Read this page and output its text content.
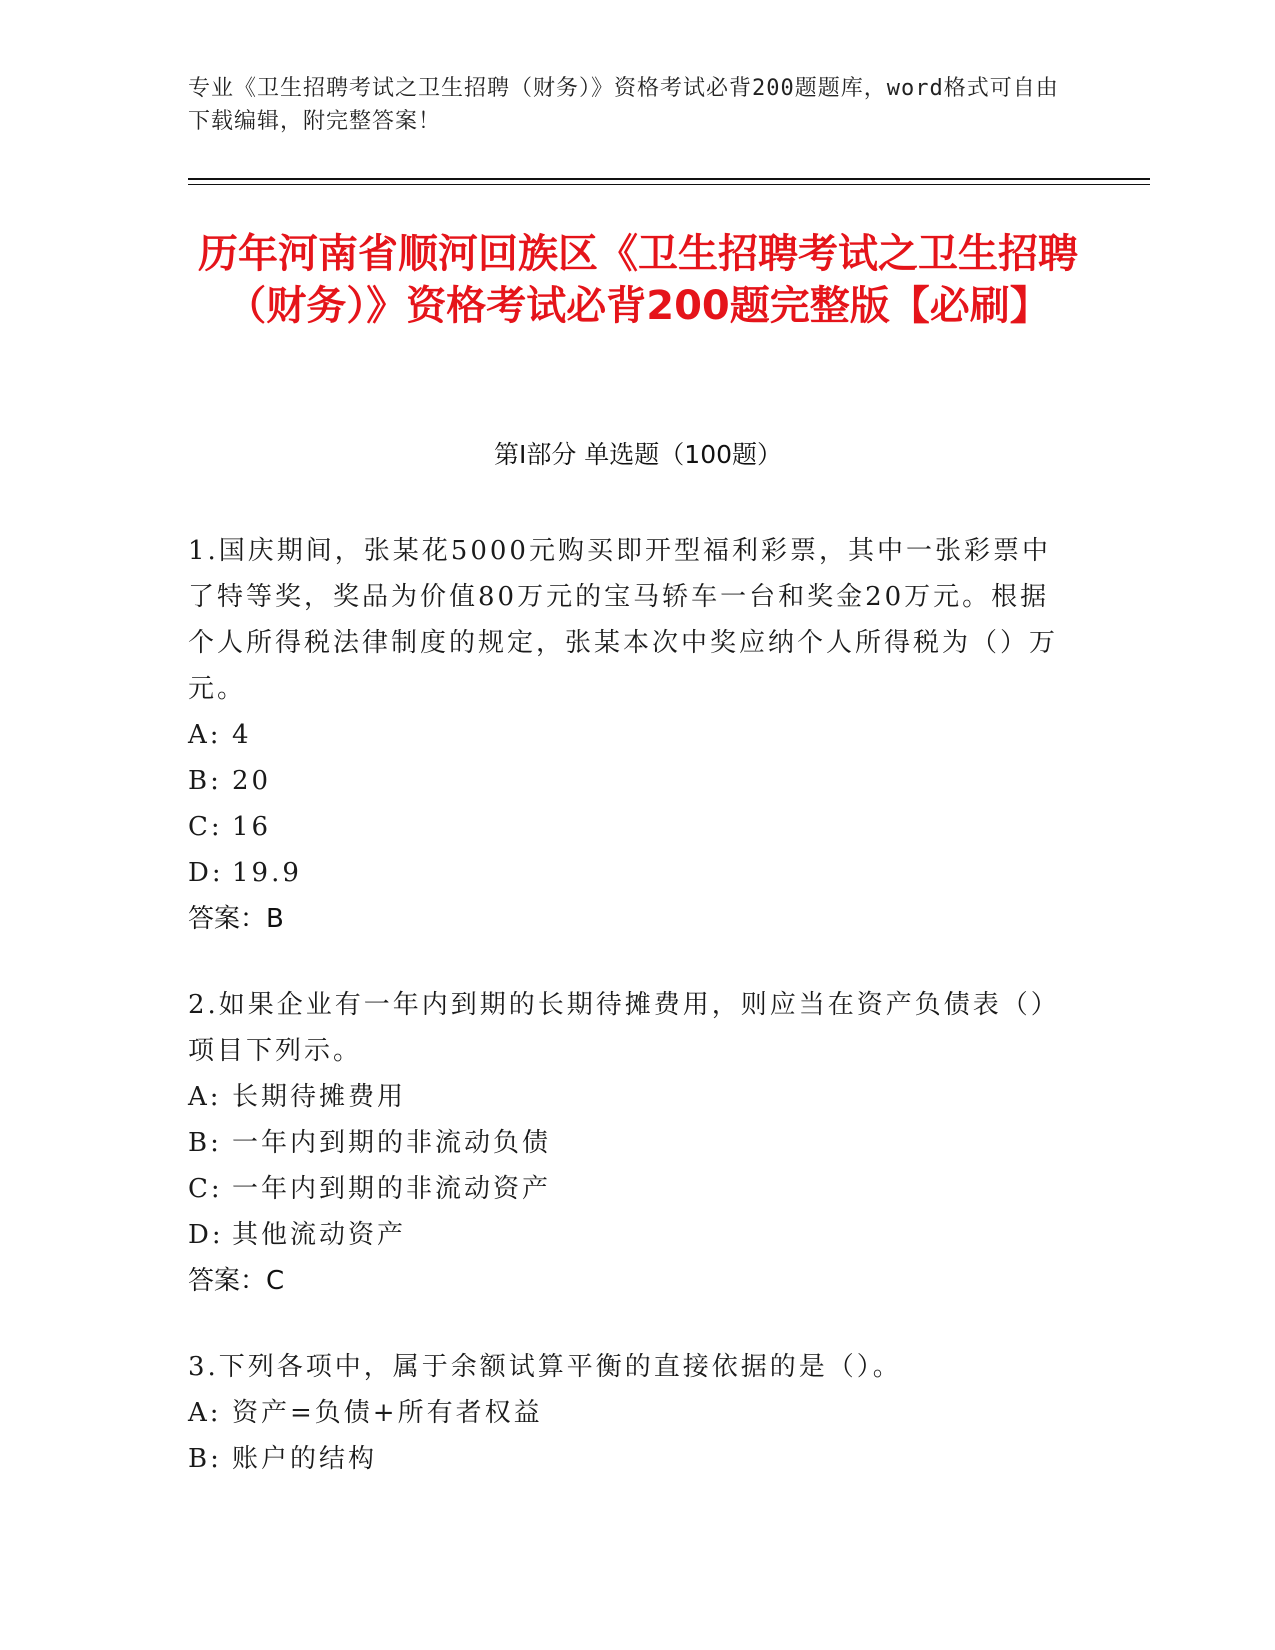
专业《卫生招聘考试之卫生招聘（财务）》资格考试必背200题题库，word格式可自由下载编辑，附完整答案！
历年河南省顺河回族区《卫生招聘考试之卫生招聘（财务）》资格考试必背200题完整版【必刷】
第I部分 单选题（100题）

1.国庆期间，张某花5000元购买即开型福利彩票，其中一张彩票中了特等奖，奖品为价值80万元的宝马轿车一台和奖金20万元。根据个人所得税法律制度的规定，张某本次中奖应纳个人所得税为（）万元。

A: 4

B: 20

C: 16

D: 19.9

答案：B

2.如果企业有一年内到期的长期待摊费用，则应当在资产负债表（）项目下列示。

A: 长期待摊费用

B: 一年内到期的非流动负债

C: 一年内到期的非流动资产

D: 其他流动资产

答案：C

3.下列各项中，属于余额试算平衡的直接依据的是（）。

A: 资产=负债+所有者权益

B: 账户的结构
